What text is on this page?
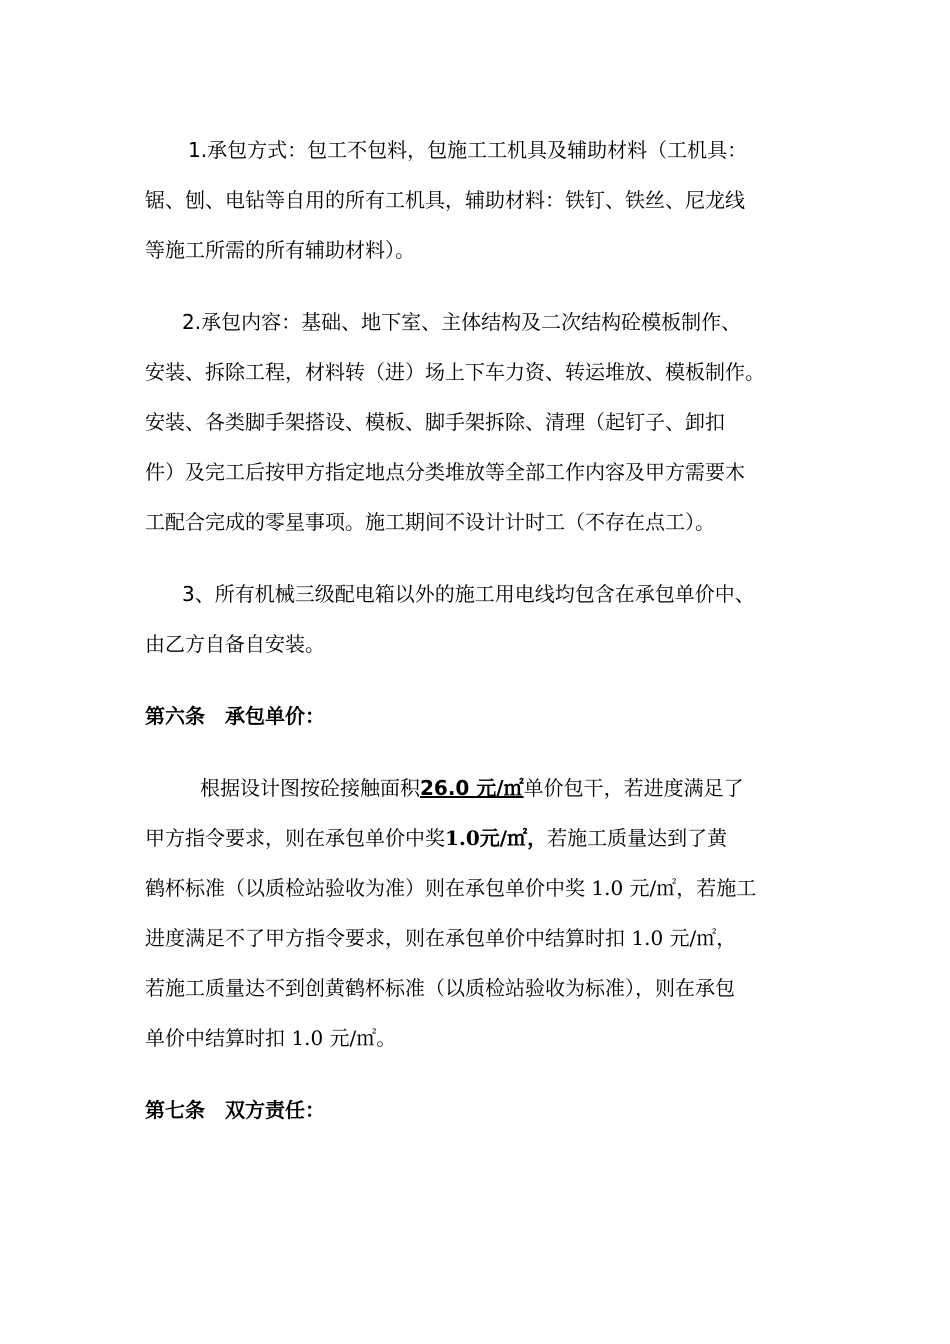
1.承包方式：包工不包料，包施工工机具及辅助材料（工机具：
锯、刨、电钻等自用的所有工机具，辅助材料：铁钉、铁丝、尼龙线
等施工所需的所有辅助材料）。
2.承包内容：基础、地下室、主体结构及二次结构砼模板制作、
安装、拆除工程，材料转（进）场上下车力资、转运堆放、模板制作。
安装、各类脚手架搭设、模板、脚手架拆除、清理（起钉子、卸扣
件）及完工后按甲方指定地点分类堆放等全部工作内容及甲方需要木
工配合完成的零星事项。施工期间不设计计时工（不存在点工）。
3、所有机械三级配电箱以外的施工用电线均包含在承包单价中、
由乙方自备自安装。
第六条　承包单价：
根据设计图按砼接触面积26.0 元/㎡单价包干，若进度满足了
甲方指令要求，则在承包单价中奖1.0元/㎡，若施工质量达到了黄
鹤杯标准（以质检站验收为准）则在承包单价中奖 1.0 元/㎡，若施工
进度满足不了甲方指令要求，则在承包单价中结算时扣 1.0 元/㎡，
若施工质量达不到创黄鹤杯标准（以质检站验收为标准），则在承包
单价中结算时扣 1.0 元/㎡。
第七条　双方责任：
